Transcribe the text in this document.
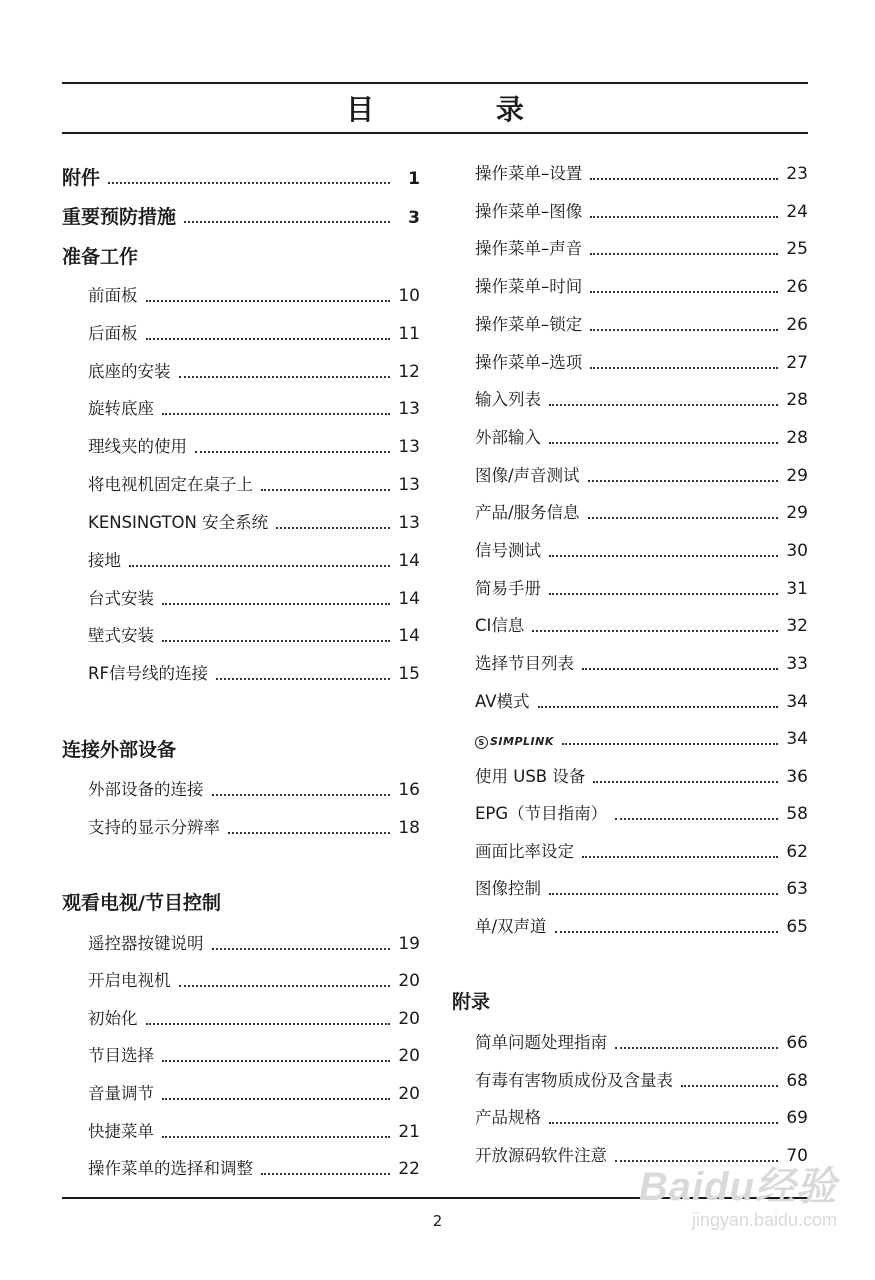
目 录
附件	1
重要预防措施	3
准备工作
前面板	10
后面板	11
底座的安装	12
旋转底座	13
理线夹的使用	13
将电视机固定在桌子上	13
KENSINGTON 安全系统	13
接地	14
台式安装	14
壁式安装	14
RF信号线的连接	15
连接外部设备
外部设备的连接	16
支持的显示分辨率	18
观看电视/节目控制
遥控器按键说明	19
开启电视机	20
初始化	20
节目选择	20
音量调节	20
快捷菜单	21
操作菜单的选择和调整	22
操作菜单–设置	23
操作菜单–图像	24
操作菜单–声音	25
操作菜单–时间	26
操作菜单–锁定	26
操作菜单–选项	27
输入列表	28
外部输入	28
图像/声音测试	29
产品/服务信息	29
信号测试	30
简易手册	31
CI信息	32
选择节目列表	33
AV模式	34
S SIMPLINK	34
使用 USB 设备	36
EPG（节目指南）	58
画面比率设定	62
图像控制	63
单/双声道	65
附录
简单问题处理指南	66
有毒有害物质成份及含量表	68
产品规格	69
开放源码软件注意	70
2
Baidu经验
jingyan.baidu.com
